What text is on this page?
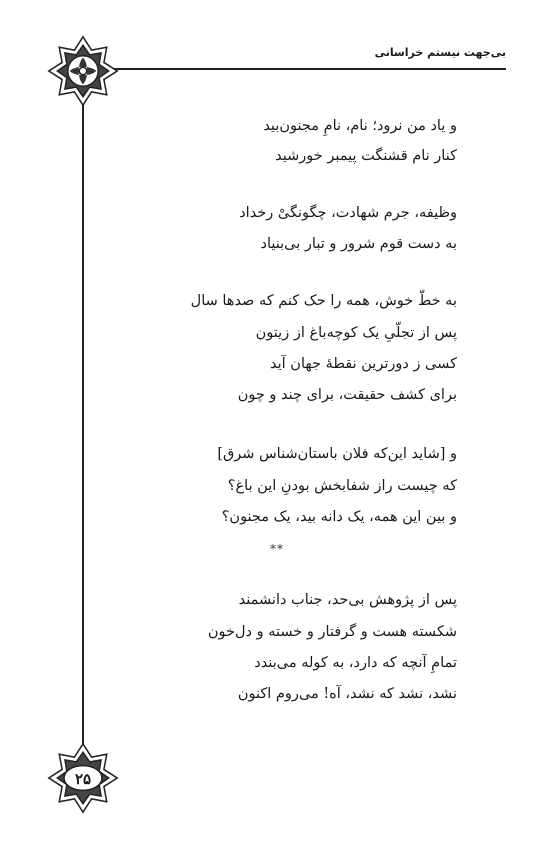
بی‌جهت نیستم خراسانی
۲۵
و یاد من نرود؛ نام، نامِ مجنون‌بید
کنار نام قشنگت پیمبر خورشید
وظیفه، جرم شهادت، چگونگیْ رخداد
به دست قوم شرور و تبار بی‌بنیاد
به خطّ خوش، همه را حک کنم که صدها سال
پس از تجلّیِ یک کوچه‌باغ از زیتون
کسی ز دورترین نقطهٔ جهان آید
برای کشف حقیقت، برای چند و چون
و [شاید این‌که فلان باستان‌شناس شرق]
که چیست راز شفابخش بودنِ این باغ؟
و بین این همه، یک دانه بید، یک مجنون؟
پس از پژوهش بی‌حد، جناب دانشمند
شکسته هست و گرفتار و خسته و دل‌خون
تمامِ آنچه که دارد، به کوله می‌بندد
نشد، نشد که نشد، آه! می‌روم اکنون
**
